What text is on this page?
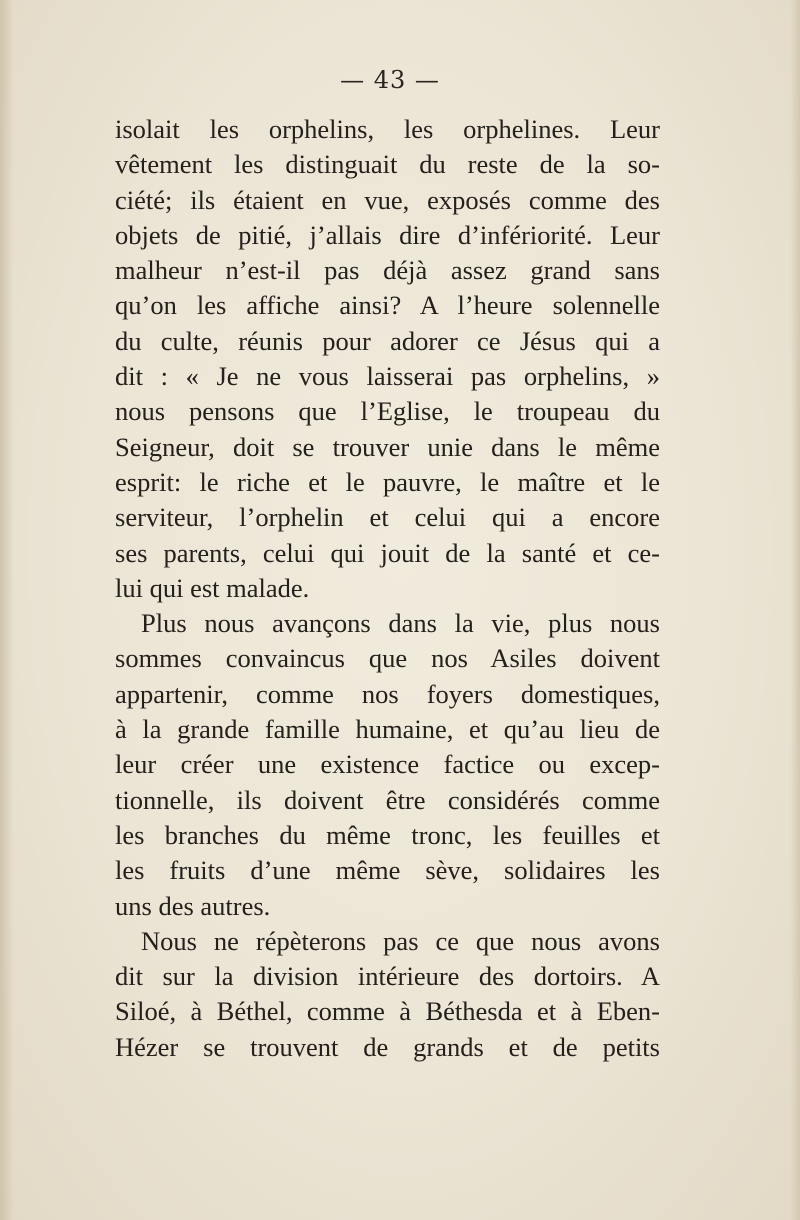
— 43 —
isolait les orphelins, les orphelines. Leur
vêtement les distinguait du reste de la so-
ciété; ils étaient en vue, exposés comme des
objets de pitié, j’allais dire d’infériorité. Leur
malheur n’est-il pas déjà assez grand sans
qu’on les affiche ainsi? A l’heure solennelle
du culte, réunis pour adorer ce Jésus qui a
dit : « Je ne vous laisserai pas orphelins, »
nous pensons que l’Eglise, le troupeau du
Seigneur, doit se trouver unie dans le même
esprit: le riche et le pauvre, le maître et le
serviteur, l’orphelin et celui qui a encore
ses parents, celui qui jouit de la santé et ce-
lui qui est malade.
Plus nous avançons dans la vie, plus nous
sommes convaincus que nos Asiles doivent
appartenir, comme nos foyers domestiques,
à la grande famille humaine, et qu’au lieu de
leur créer une existence factice ou excep-
tionnelle, ils doivent être considérés comme
les branches du même tronc, les feuilles et
les fruits d’une même sève, solidaires les
uns des autres.
Nous ne répèterons pas ce que nous avons
dit sur la division intérieure des dortoirs. A
Siloé, à Béthel, comme à Béthesda et à Eben-
Hézer se trouvent de grands et de petits
